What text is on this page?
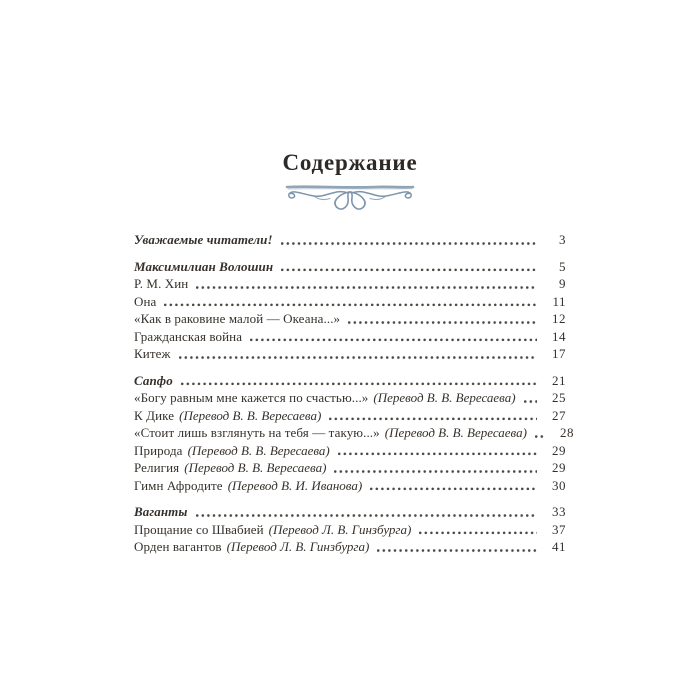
Содержание
Уважаемые читатели!	3
Максимилиан Волошин	5
Р. М. Хин	9
Она	11
«Как в раковине малой — Океана...»	12
Гражданская война	14
Китеж	17
Сапфо	21
«Богу равным мне кажется по счастью...» (Перевод В. В. Вересаева)	25
К Дике (Перевод В. В. Вересаева)	27
«Стоит лишь взглянуть на тебя — такую...» (Перевод В. В. Вересаева)	28
Природа (Перевод В. В. Вересаева)	29
Религия (Перевод В. В. Вересаева)	29
Гимн Афродите (Перевод В. И. Иванова)	30
Ваганты	33
Прощание со Швабией (Перевод Л. В. Гинзбурга)	37
Орден вагантов (Перевод Л. В. Гинзбурга)	41
